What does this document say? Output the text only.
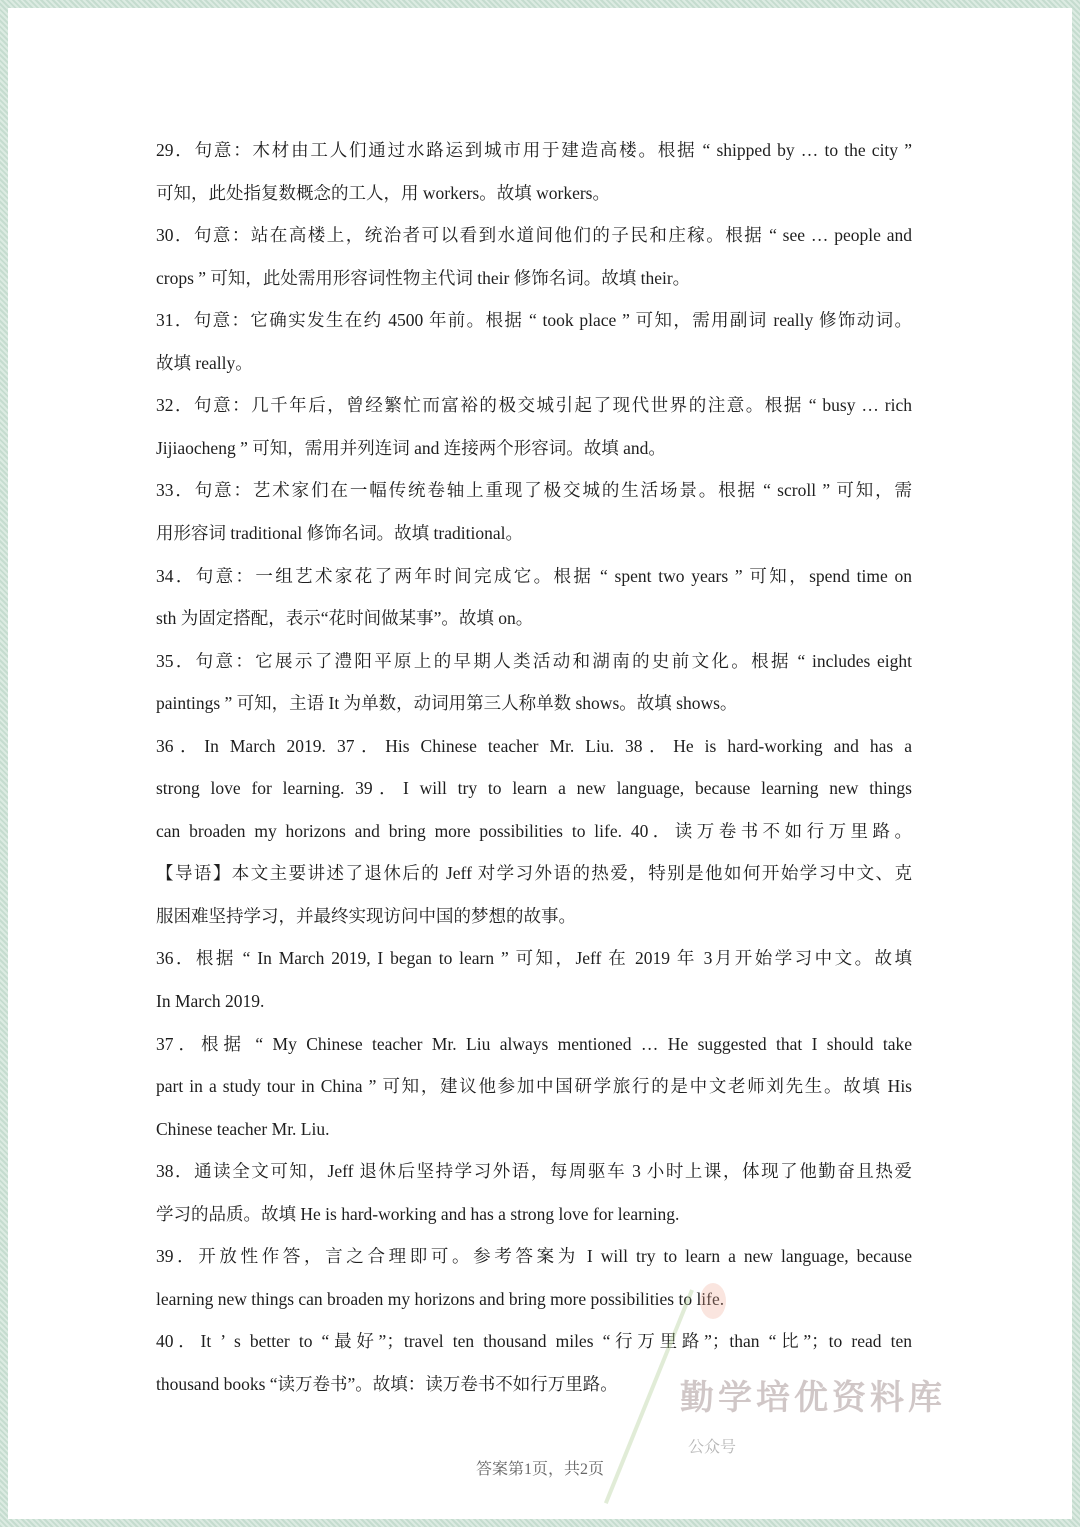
29．句意：木材由工人们通过水路运到城市用于建造高楼。根据 “ shipped by … to the city ”
可知，此处指复数概念的工人，用 workers。故填 workers。
30．句意：站在高楼上，统治者可以看到水道间他们的子民和庄稼。根据 “ see … people and
crops ” 可知，此处需用形容词性物主代词 their 修饰名词。故填 their。
31．句意：它确实发生在约 4500 年前。根据 “ took place ” 可知，需用副词 really 修饰动词。
故填 really。
32．句意：几千年后，曾经繁忙而富裕的极交城引起了现代世界的注意。根据 “ busy … rich
Jijiaocheng ” 可知，需用并列连词 and 连接两个形容词。故填 and。
33．句意：艺术家们在一幅传统卷轴上重现了极交城的生活场景。根据 “ scroll ” 可知，需
用形容词 traditional 修饰名词。故填 traditional。
34．句意：一组艺术家花了两年时间完成它。根据 “ spent two years ” 可知，spend time on
sth 为固定搭配，表示“花时间做某事”。故填 on。
35．句意：它展示了澧阳平原上的早期人类活动和湖南的史前文化。根据 “ includes eight
paintings ” 可知，主语 It 为单数，动词用第三人称单数 shows。故填 shows。
36．In March 2019. 37．His Chinese teacher Mr. Liu. 38．He is hard-working and has a
strong love for learning. 39．I will try to learn a new language, because learning new things
can broaden my horizons and bring more possibilities to life. 40．读万卷书不如行万里路。
【导语】本文主要讲述了退休后的 Jeff 对学习外语的热爱，特别是他如何开始学习中文、克
服困难坚持学习，并最终实现访问中国的梦想的故事。
36．根据 “ In March 2019, I began to learn ” 可知，Jeff 在 2019 年 3月开始学习中文。故填
In March 2019.
37．根据 “ My Chinese teacher Mr. Liu always mentioned … He suggested that I should take
part in a study tour in China ” 可知，建议他参加中国研学旅行的是中文老师刘先生。故填 His
Chinese teacher Mr. Liu.
38．通读全文可知，Jeff 退休后坚持学习外语，每周驱车 3 小时上课，体现了他勤奋且热爱
学习的品质。故填 He is hard-working and has a strong love for learning.
39．开放性作答，言之合理即可。参考答案为 I will try to learn a new language, because
learning new things can broaden my horizons and bring more possibilities to life.
40．It ’ s better to “最好”；travel ten thousand miles “行万里路”；than “比”；to read ten
thousand books “读万卷书”。故填：读万卷书不如行万里路。	勤学培优资料库
公众号
答案第1页，共2页
